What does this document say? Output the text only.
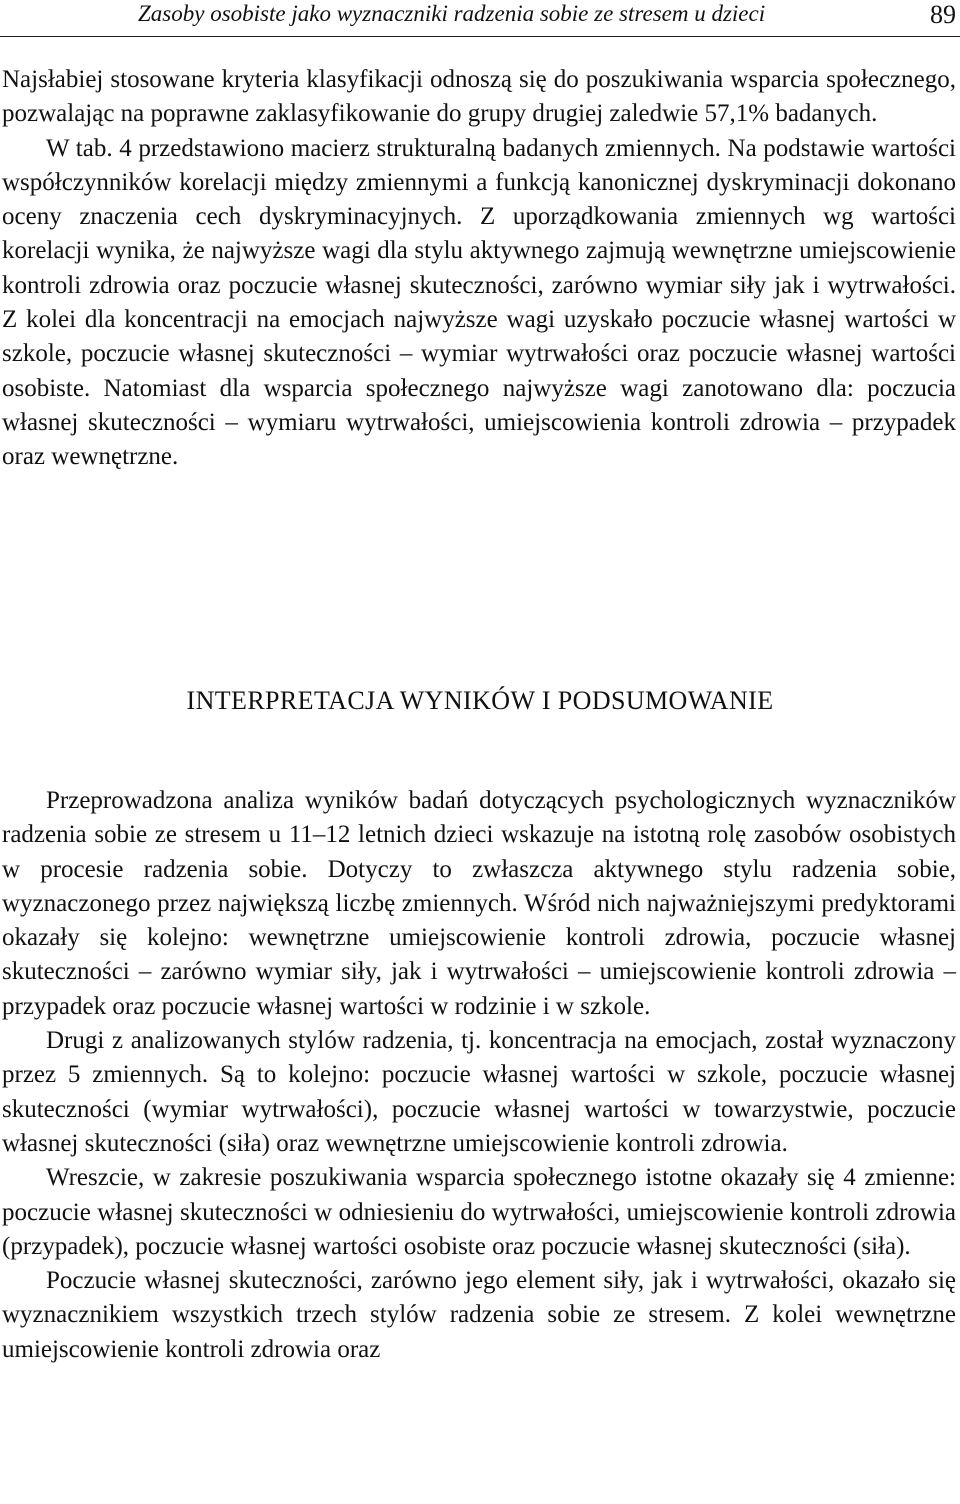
Zasoby osobiste jako wyznaczniki radzenia sobie ze stresem u dzieci	89

Najsłabiej stosowane kryteria klasyfikacji odnoszą się do poszukiwania wsparcia społecznego, pozwalając na poprawne zaklasyfikowanie do grupy drugiej zaledwie 57,1% badanych.

W tab. 4 przedstawiono macierz strukturalną badanych zmiennych. Na podstawie wartości współczynników korelacji między zmiennymi a funkcją kanonicznej dyskryminacji dokonano oceny znaczenia cech dyskryminacyjnych. Z uporządkowania zmiennych wg wartości korelacji wynika, że najwyższe wagi dla stylu aktywnego zajmują wewnętrzne umiejscowienie kontroli zdrowia oraz poczucie własnej skuteczności, zarówno wymiar siły jak i wytrwałości. Z kolei dla koncentracji na emocjach najwyższe wagi uzyskało poczucie własnej wartości w szkole, poczucie własnej skuteczności – wymiar wytrwałości oraz poczucie własnej wartości osobiste. Natomiast dla wsparcia społecznego najwyższe wagi zanotowano dla: poczucia własnej skuteczności – wymiaru wytrwałości, umiejscowienia kontroli zdrowia – przypadek oraz wewnętrzne.

INTERPRETACJA WYNIKÓW I PODSUMOWANIE

Przeprowadzona analiza wyników badań dotyczących psychologicznych wyznaczników radzenia sobie ze stresem u 11–12 letnich dzieci wskazuje na istotną rolę zasobów osobistych w procesie radzenia sobie. Dotyczy to zwłaszcza aktywnego stylu radzenia sobie, wyznaczonego przez największą liczbę zmiennych. Wśród nich najważniejszymi predyktorami okazały się kolejno: wewnętrzne umiejscowienie kontroli zdrowia, poczucie własnej skuteczności – zarówno wymiar siły, jak i wytrwałości – umiejscowienie kontroli zdrowia – przypadek oraz poczucie własnej wartości w rodzinie i w szkole.

Drugi z analizowanych stylów radzenia, tj. koncentracja na emocjach, został wyznaczony przez 5 zmiennych. Są to kolejno: poczucie własnej wartości w szkole, poczucie własnej skuteczności (wymiar wytrwałości), poczucie własnej wartości w towarzystwie, poczucie własnej skuteczności (siła) oraz wewnętrzne umiejscowienie kontroli zdrowia.

Wreszcie, w zakresie poszukiwania wsparcia społecznego istotne okazały się 4 zmienne: poczucie własnej skuteczności w odniesieniu do wytrwałości, umiejscowienie kontroli zdrowia (przypadek), poczucie własnej wartości osobiste oraz poczucie własnej skuteczności (siła).

Poczucie własnej skuteczności, zarówno jego element siły, jak i wytrwałości, okazało się wyznacznikiem wszystkich trzech stylów radzenia sobie ze stresem. Z kolei wewnętrzne umiejscowienie kontroli zdrowia oraz
